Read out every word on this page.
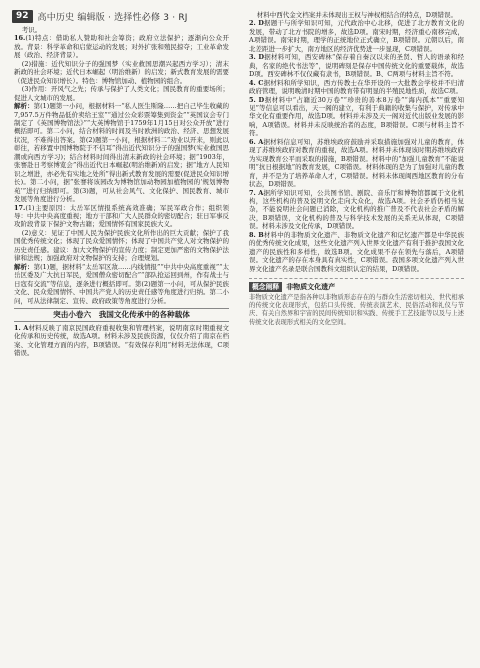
92	高中历史 编辑版 · 选择性必修 3 · RJ

考识。

16.(1)特点：借助私人赞助和社会筹资；政府立法保护；逐渐向公众开放。背景：科学革命和启蒙运动的发展；对外扩张和殖民掠夺；工业革命发展（政治、经济背景）。

(2)措施：近代知识分子的强国梦（实业救国思潮兴起西方学习）；清末新政的社会环境；近代日本崛起（明治维新）的启发；新式教育发展的需要（促进民众知识增长）。特色：博物馆加动、植物园的组合。

(3)作用：开风气之先；传承与保护了人类文化；国民教育的重要场所；促进人文城市的发展。

解析：第(1)题第一小问，根据材料一“私人医生斯隆……把自己毕生收藏的7,957.5万件物品低价卖给王室”“通过公众彩票筹集到资金”“英国议会专门制定了《英国博物馆法》”“大英博物馆于1759年1月15日对公众开放”进行概括即可。第二小问，结合材料的时间及当时欧洲的政治、经济、思想发展状况，不难得出答案。第(2)题第一小问，根据材料二“劝业以开来，则此以彰往，若移置中国博物院于不信耳”得出近代知识分子的强国梦(实业救国思潮或向西方学习)；结合材料时间得出清末新政的社会环境；据“1903年，张謇赴日考察博览会”得出近代日本崛起(明治维新)的启发；据“地方人民知识之增进，亦必先有实地之处所”得出新式教育发展的需要(促进民众知识增长)。第二小问，据“张謇将该园改为博物馆加动物园加植物园的‘规划博物苑’”进行归纳即可。第(3)题，可从社会风气、文化保护、国民教育、城市发展等角度进行分析。

17.(1)主要原因：太岳军区情报系统高效准确；军民军政合作；组织领导：中共中央高度重视；地方干部和广大人民群众的密切配合；驻日军事反攻阶段背景下保护文物古籍；爱国情怀有国家民族大义。

(2)意义：见证了中国人民为保护民族文化所作出的巨大贡献；保护了我国优秀传统文化；体现了民众爱国情怀；体现了中国共产党人对文物保护的历史责任感。建议：加大文物保护的宣传力度；制定更加严密的文物保护法律和法规；加强政府对文物保护的支持；合理规划。

解析：第(1)题，据材料“太岳军区敌……内线情报”“中共中央高度重视”“太岳区委及广大抗日军民，爱国僧众密切配合”“部队抢运回到州，作有战士与日寇有交流”等信息，逐条进行概括即可。第(2)题第一小问，可从保护民族文化、民众爱国情怀、中国共产党人的历史责任感等角度进行归纳。第二小问，可从法律制定、宣传、政府政策等角度进行分析。

突击小卷六　我国文化传承中的各种载体

1. A材料反映了南京民国政府重视收集和管理档案，说明南京时期重视文化传承和历史传统，故选A项。材料未涉及民族资源，仅仅介绍了南京在档案、文化管理方面的内容，B项错误。“有效保存利用”材料无法体现，C项错误。

材料中西代金文档案并未体现出王权与神权相结合的特点，D项错误。

2. D据题干与所学知识可知，元代政治中心北移，促进了北方教育文化的发展，带动了北方书院的增多，故选D项。南宋时期，经济重心南移完成，A项错误。南宋时期，理学的正统地位正式确立，B项错误。元朝以后，南北差距进一步扩大，南方地区的经济优势进一步显现，C项错误。

3. D据材料可知，西安碑林“保存着自秦汉以来的圣贤、哲人的语录和经典，名家的绝代书法等”，说明碑刻是保存中国传统文化的重要载体，故选D项。西安碑林不仅仅藏有隶书，B项错误。B、C两项与材料主旨不符。

4. C据材料和所学知识，西方传教士在华开设的一大批教会学校并不归清政府管理，说明晚清时期中国的教育带有明显的半殖民地性质，故选C项。

5. D据材料中“占籍近30万卷”“珍贵的善本8万卷”“海内孤本”“重要知见”等信息可以看出，天一阁的建立，有利于典籍的收集与保护，对传承中华文化有重要作用，故选D项。材料并未涉及天一阁对近代出版业发展的影响，A项错误。材料并未反映统治者的态度，B项错误。C项与材料主旨不符。

6. A据材料信息可知，苏维埃政府鼓励并采取措施加强对儿童的教育，体现了苏维埃政府对教育的重视，故选A项。材料并未体现该时期苏维埃政府为实现教育公平而采取的措施，B项错误。材料中的“加强儿童教育”不能说明“抗日根据地”的教育发展，C项错误。材料体现的是为了加强对儿童的教育，并不是为了培养革命人才，C项错误。材料未体现闽西地区教育的分布状态，D项错误。

7. A据所学知识可知，公共图书馆、剧院、音乐厅和博物馆都属于文化机构，这些机构的普及说明文化走向大众化，故选A项。社会矛盾仍相当复杂，不能说明社会问题已消除，文化机构的推广普及不代表社会矛盾的解决，B项错误，文化机构的普及与科学技术发展的关系无从体现，C项错误。材料未涉及文化传承，D项错误。

8. B材料中的非物质文化遗产、非物质文化遗产和记忆遗产都是中华民族的优秀传统文化成果，这些文化遗产列入世界文化遗产有利于推护我国文化遗产的民族性和多样性，故选B项。文化成果不存在领先与落后，A项错误。文化遗产的存在本身具有真实性，C项错误。我国多项文化遗产列入世界文化遗产名录是联合国教科文组织认定的结果，D项错误。

概念阐释	非物质文化遗产
非物质文化遗产是指各种以非物质形态存在的与群众生活密切相关、世代相承的传统文化表现形式，包括口头传统、传统表演艺术、民俗活动和礼仪与节庆、有关自然界和宇宙的民间传统知识和实践、传统手工艺技能等以及与上述传统文化表现形式相关的文化空间。
